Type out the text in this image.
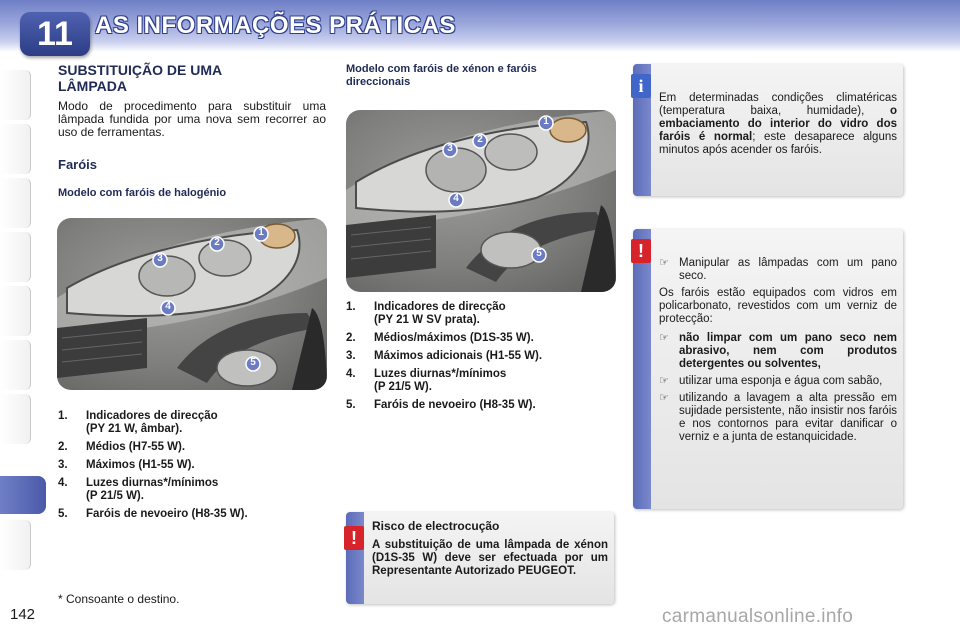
11 AS INFORMAÇÕES PRÁTICAS
SUBSTITUIÇÃO DE UMA
LÂMPADA
Modo de procedimento para substituir uma lâmpada fundida por uma nova sem recorrer ao uso de ferramentas.
Faróis
Modelo com faróis de halogénio
1
2
3
4
5
1. Indicadores de direcção
(PY 21 W, âmbar).
2. Médios (H7-55 W).
3. Máximos (H1-55 W).
4. Luzes diurnas*/mínimos
(P 21/5 W).
5. Faróis de nevoeiro (H8-35 W).
Modelo com faróis de xénon e faróis
direccionais
1
2
3
4
5
1. Indicadores de direcção
(PY 21 W SV prata).
2. Médios/máximos (D1S-35 W).
3. Máximos adicionais (H1-55 W).
4. Luzes diurnas*/mínimos
(P 21/5 W).
5. Faróis de nevoeiro (H8-35 W).
!
Risco de electrocução
A substituição de uma lâmpada de xénon (D1S-35 W) deve ser efectuada por um Representante Autorizado PEUGEOT.
i
Em determinadas condições climatéricas (temperatura baixa, humidade), o embaciamento do interior do vidro dos faróis é normal; este desaparece alguns minutos após acender os faróis.
!
☞ Manipular as lâmpadas com um pano seco.
Os faróis estão equipados com vidros em policarbonato, revestidos com um verniz de protecção:
☞ não limpar com um pano seco nem abrasivo, nem com produtos detergentes ou solventes,
☞ utilizar uma esponja e água com sabão,
☞ utilizando a lavagem a alta pressão em sujidade persistente, não insistir nos faróis e nos contornos para evitar danificar o verniz e a junta de estanquicidade.
* Consoante o destino.
142	carmanualsonline.info
